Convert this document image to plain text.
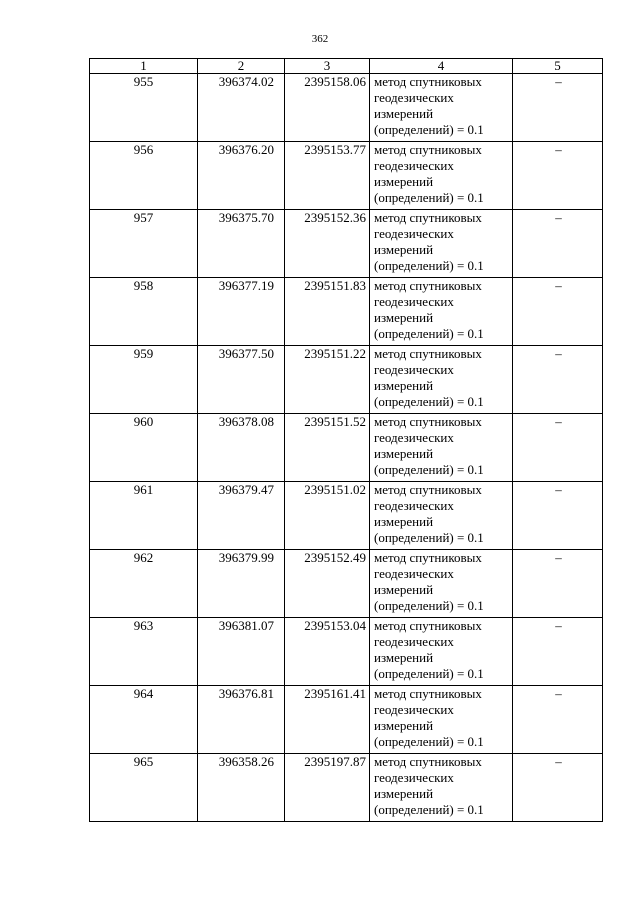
362
1	2	3	4	5
955	396374.02	2395158.06	метод спутниковых
геодезических
измерений
(определений) = 0.1	–
956	396376.20	2395153.77	метод спутниковых
геодезических
измерений
(определений) = 0.1	–
957	396375.70	2395152.36	метод спутниковых
геодезических
измерений
(определений) = 0.1	–
958	396377.19	2395151.83	метод спутниковых
геодезических
измерений
(определений) = 0.1	–
959	396377.50	2395151.22	метод спутниковых
геодезических
измерений
(определений) = 0.1	–
960	396378.08	2395151.52	метод спутниковых
геодезических
измерений
(определений) = 0.1	–
961	396379.47	2395151.02	метод спутниковых
геодезических
измерений
(определений) = 0.1	–
962	396379.99	2395152.49	метод спутниковых
геодезических
измерений
(определений) = 0.1	–
963	396381.07	2395153.04	метод спутниковых
геодезических
измерений
(определений) = 0.1	–
964	396376.81	2395161.41	метод спутниковых
геодезических
измерений
(определений) = 0.1	–
965	396358.26	2395197.87	метод спутниковых
геодезических
измерений
(определений) = 0.1	–
